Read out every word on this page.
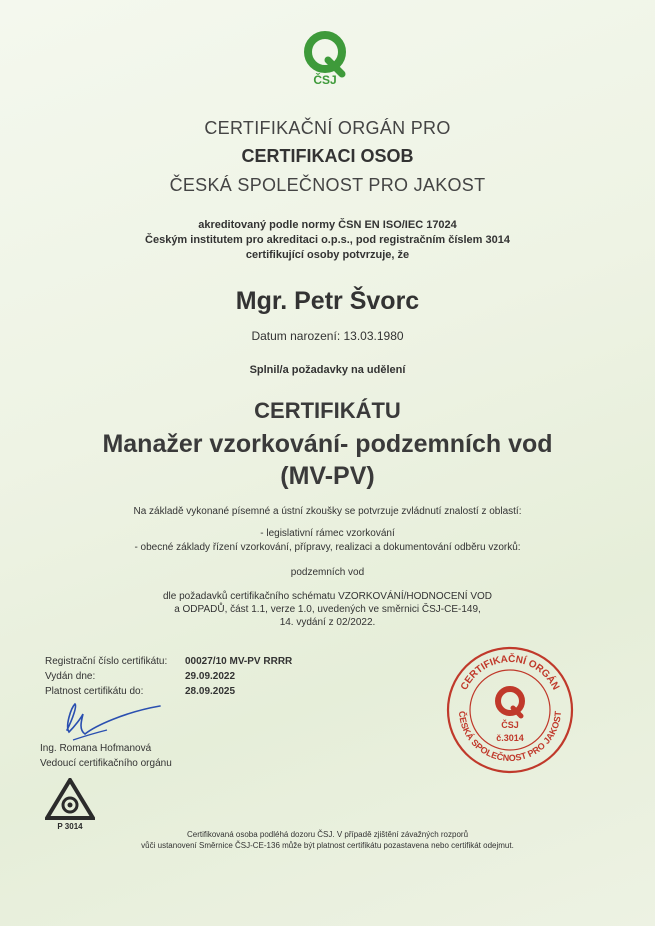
ČSJ
CERTIFIKAČNÍ ORGÁN PRO
CERTIFIKACI OSOB
ČESKÁ SPOLEČNOST PRO JAKOST
akreditovaný podle normy ČSN EN ISO/IEC 17024
Českým institutem pro akreditaci o.p.s., pod registračním číslem 3014
certifikující osoby potvrzuje, že
Mgr. Petr Švorc
Datum narození: 13.03.1980
Splnil/a požadavky na udělení
CERTIFIKÁTU
Manažer vzorkování- podzemních vod
(MV-PV)
Na základě vykonané písemné a ústní zkoušky se potvrzuje zvládnutí znalostí z oblastí:
- legislativní rámec vzorkování
- obecné základy řízení vzorkování, přípravy, realizaci a dokumentování odběru vzorků:
podzemních vod
dle požadavků certifikačního schématu VZORKOVÁNÍ/HODNOCENÍ VOD
a ODPADŮ, část 1.1, verze 1.0, uvedených ve směrnici ČSJ-CE-149,
14. vydání z 02/2022.
Registrační číslo certifikátu: 00027/10 MV-PV RRRR
Vydán dne:	29.09.2022
Platnost certifikátu do:	28.09.2025
Ing. Romana Hofmanová
Vedoucí certifikačního orgánu
CERTIFIKAČNÍ ORGÁN
ČESKÁ SPOLEČNOST PRO JAKOST
ČSJ
č.3014
P 3014
Certifikovaná osoba podléhá dozoru ČSJ. V případě zjištění závažných rozporů
vůči ustanovení Směrnice ČSJ-CE-136 může být platnost certifikátu pozastavena nebo certifikát odejmut.
